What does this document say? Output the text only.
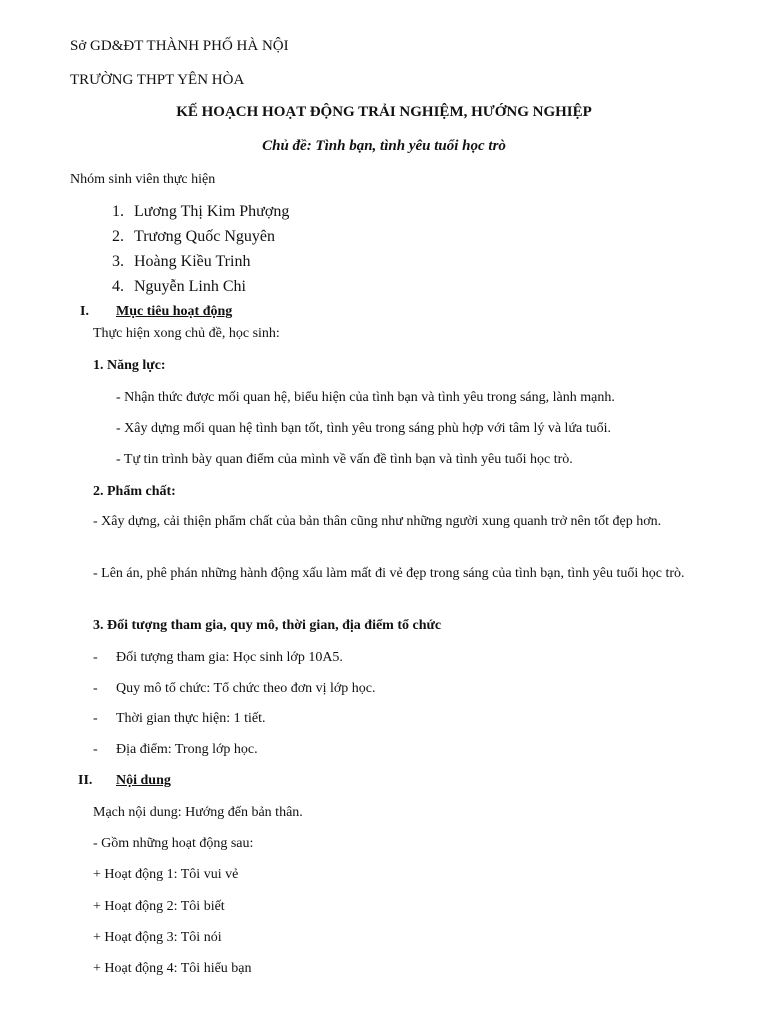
Sở GD&ĐT THÀNH PHỐ HÀ NỘI
TRƯỜNG THPT YÊN HÒA
KẾ HOẠCH HOẠT ĐỘNG TRẢI NGHIỆM, HƯỚNG NGHIỆP
Chủ đề: Tình bạn, tình yêu tuổi học trò
Nhóm sinh viên thực hiện
1. Lương Thị Kim Phượng
2. Trương Quốc Nguyên
3. Hoàng Kiều Trinh
4. Nguyễn Linh Chi
I. Mục tiêu hoạt động
Thực hiện xong chủ đề, học sinh:
1. Năng lực:
- Nhận thức được mối quan hệ, biểu hiện của tình bạn và tình yêu trong sáng, lành mạnh.
- Xây dựng mối quan hệ tình bạn tốt, tình yêu trong sáng phù hợp với tâm lý và lứa tuổi.
- Tự tin trình bày quan điểm của mình về vấn đề tình bạn và tình yêu tuổi học trò.
2. Phẩm chất:
- Xây dựng, cải thiện phẩm chất của bản thân cũng như những người xung quanh trở nên tốt đẹp hơn.
- Lên án, phê phán những hành động xấu làm mất đi vẻ đẹp trong sáng của tình bạn, tình yêu tuổi học trò.
3. Đối tượng tham gia, quy mô, thời gian, địa điểm tổ chức
- Đối tượng tham gia: Học sinh lớp 10A5.
- Quy mô tổ chức: Tổ chức theo đơn vị lớp học.
- Thời gian thực hiện: 1 tiết.
- Địa điểm: Trong lớp học.
II. Nội dung
Mạch nội dung: Hướng đến bản thân.
- Gồm những hoạt động sau:
+ Hoạt động 1: Tôi vui vẻ
+ Hoạt động 2: Tôi biết
+ Hoạt động 3: Tôi nói
+ Hoạt động 4: Tôi hiểu bạn
